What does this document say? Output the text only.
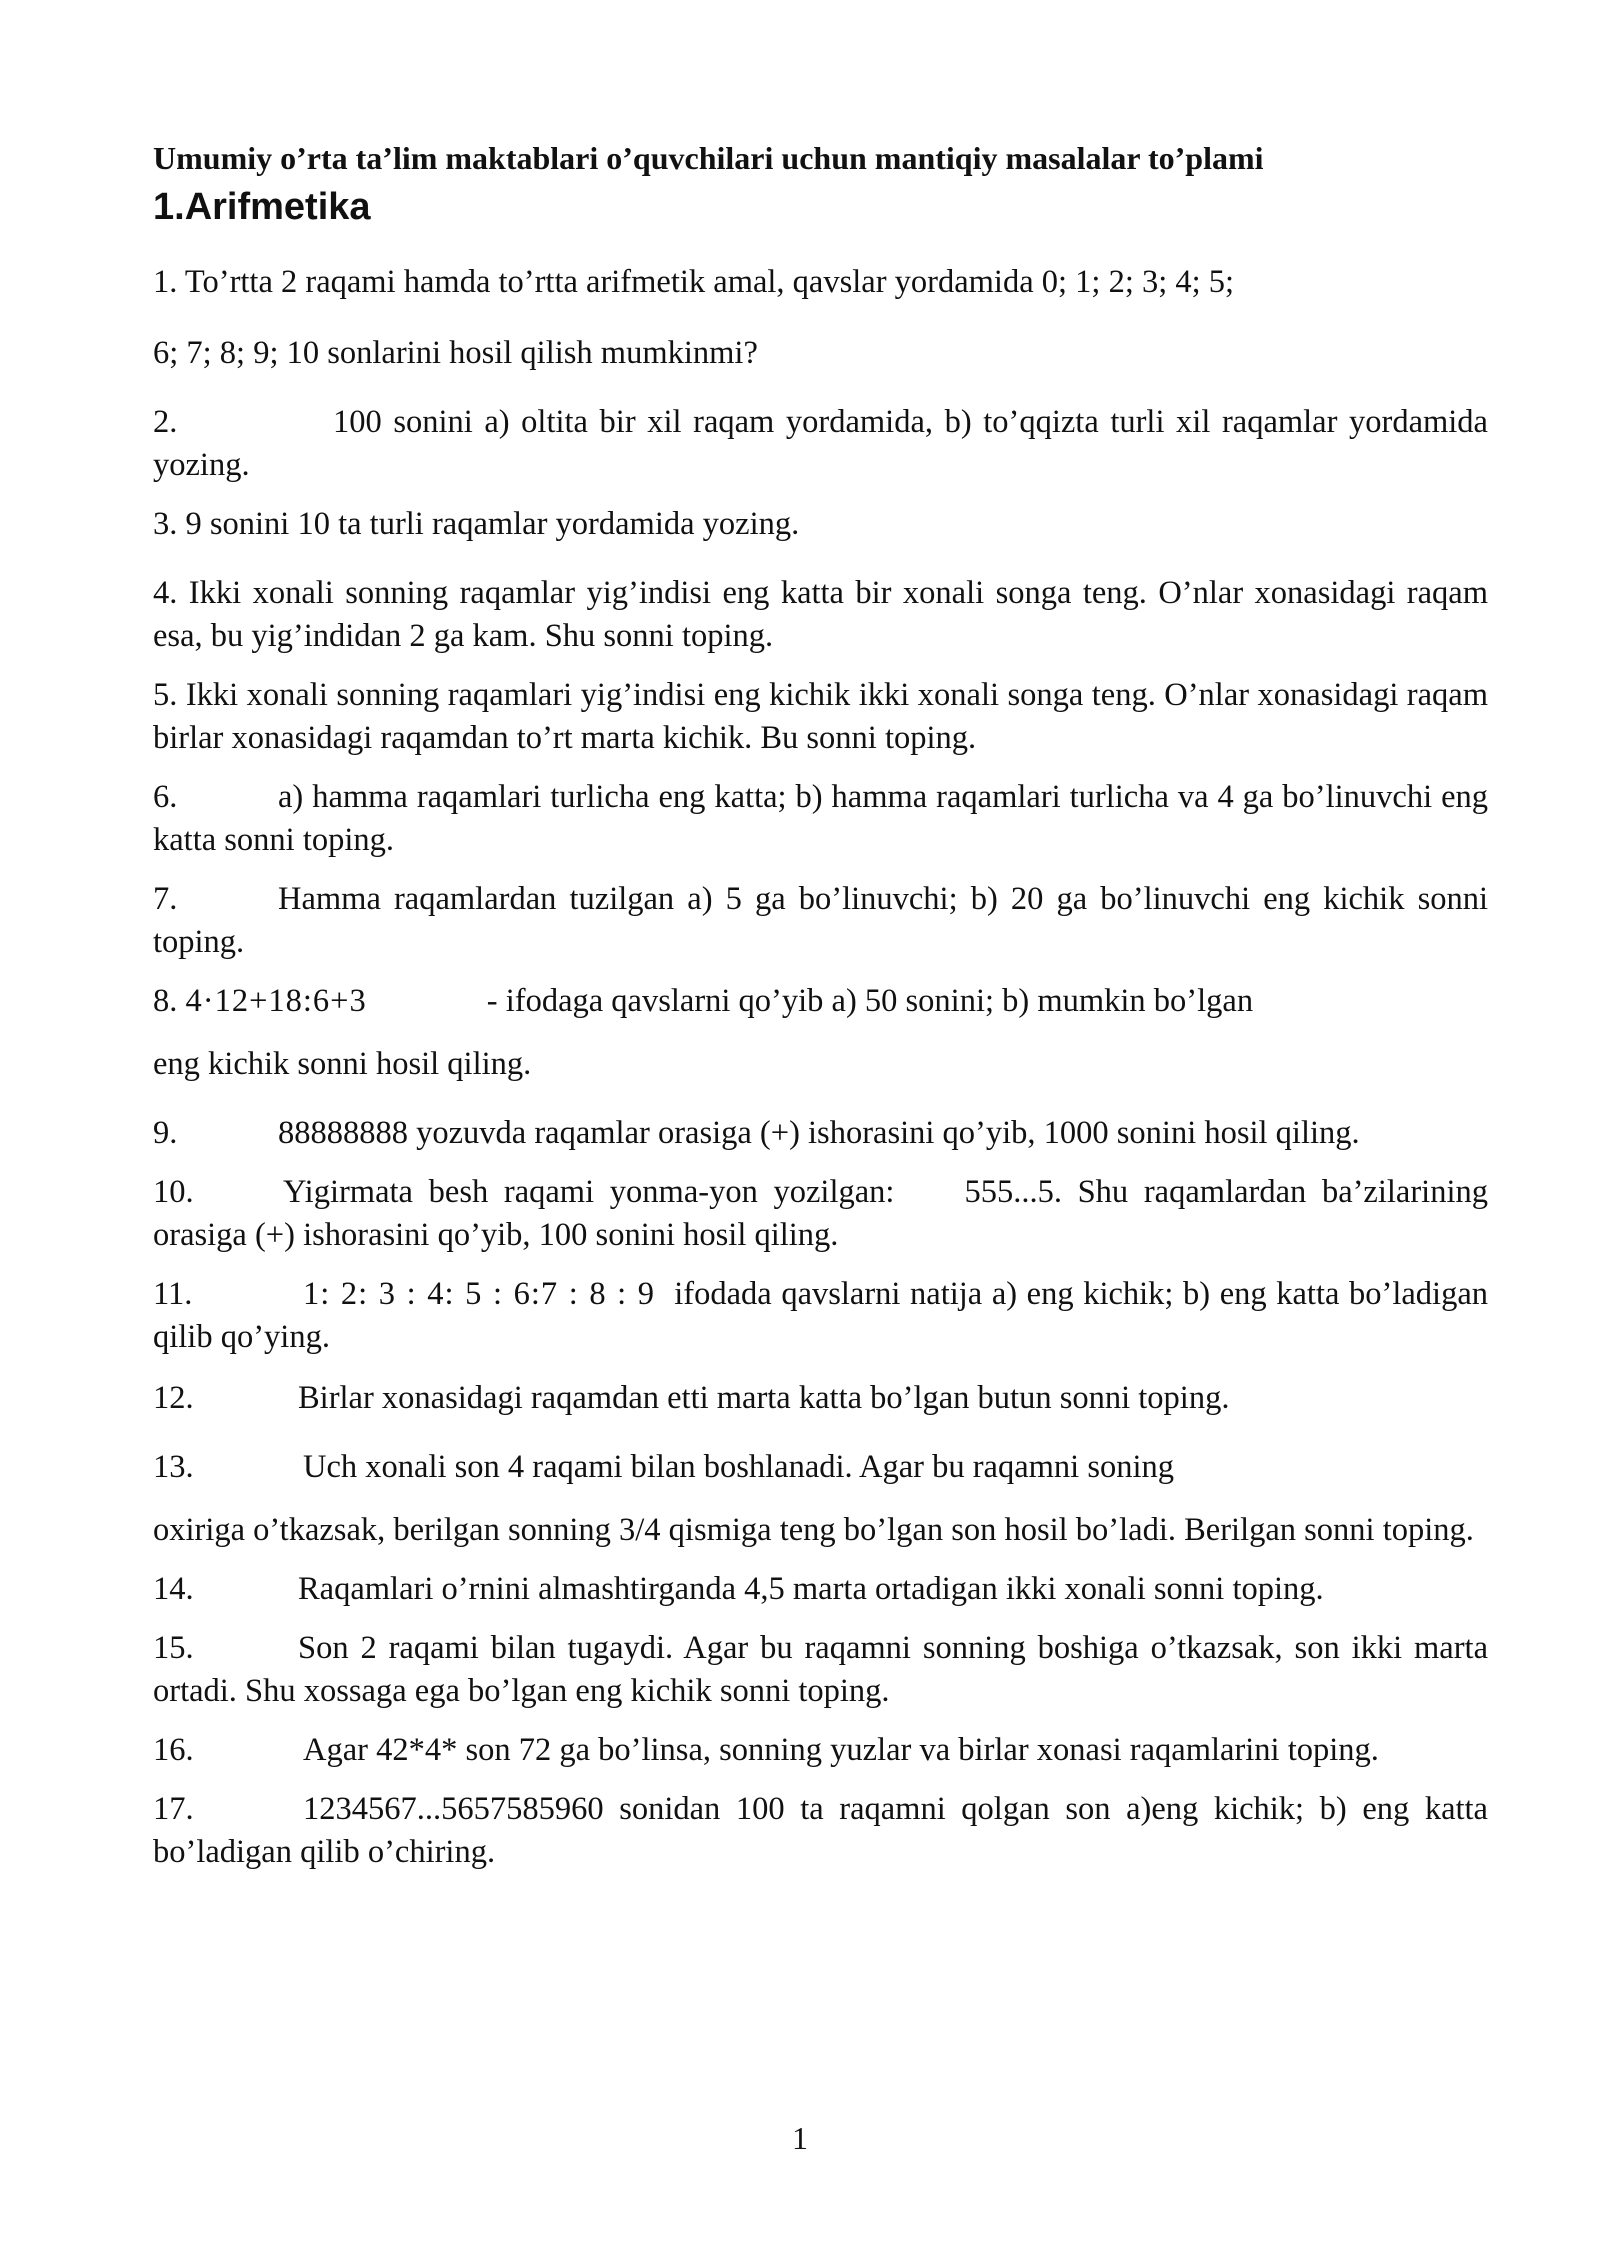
Umumiy o’rta ta’lim maktablari o’quvchilari uchun mantiqiy masalalar to’plami
1.Arifmetika

1. To’rtta 2 raqami hamda to’rtta arifmetik amal, qavslar yordamida 0; 1; 2; 3; 4; 5;
6; 7; 8; 9; 10 sonlarini hosil qilish mumkinmi?

2.	100 sonini a) oltita bir xil raqam yordamida, b) to’qqizta turli xil raqamlar yordamida yozing.

3. 9 sonini 10 ta turli raqamlar yordamida yozing.

4. Ikki xonali sonning raqamlar yig’indisi eng katta bir xonali songa teng. O’nlar xonasidagi raqam esa, bu yig’indidan 2 ga kam. Shu sonni toping.

5. Ikki xonali sonning raqamlari yig’indisi eng kichik ikki xonali songa teng. O’nlar xonasidagi raqam birlar xonasidagi raqamdan to’rt marta kichik. Bu sonni toping.

6.	a) hamma raqamlari turlicha eng katta; b) hamma raqamlari turlicha va 4 ga bo’linuvchi eng katta sonni toping.

7.	Hamma raqamlardan tuzilgan a) 5 ga bo’linuvchi; b) 20 ga bo’linuvchi eng kichik sonni toping.

8. 4·12+18:6+3	- ifodaga qavslarni qo’yib a) 50 sonini; b) mumkin bo’lgan
eng kichik sonni hosil qiling.

9.	88888888 yozuvda raqamlar orasiga (+) ishorasini qo’yib, 1000 sonini hosil qiling.

10.	Yigirmata besh raqami yonma-yon yozilgan: 555...5. Shu raqamlardan ba’zilarining orasiga (+) ishorasini qo’yib, 100 sonini hosil qiling.

11.	1: 2: 3 : 4: 5 : 6:7 : 8 : 9 ifodada qavslarni natija a) eng kichik; b) eng katta bo’ladigan qilib qo’ying.

12.	Birlar xonasidagi raqamdan etti marta katta bo’lgan butun sonni toping.

13.	Uch xonali son 4 raqami bilan boshlanadi. Agar bu raqamni soning
oxiriga o’tkazsak, berilgan sonning 3/4 qismiga teng bo’lgan son hosil bo’ladi. Berilgan sonni toping.

14.	Raqamlari o’rnini almashtirganda 4,5 marta ortadigan ikki xonali sonni toping.

15.	Son 2 raqami bilan tugaydi. Agar bu raqamni sonning boshiga o’tkazsak, son ikki marta ortadi. Shu xossaga ega bo’lgan eng kichik sonni toping.

16.	Agar 42*4* son 72 ga bo’linsa, sonning yuzlar va birlar xonasi raqamlarini toping.

17.	1234567...5657585960 sonidan 100 ta raqamni qolgan son a)eng kichik; b) eng katta bo’ladigan qilib o’chiring.

1
